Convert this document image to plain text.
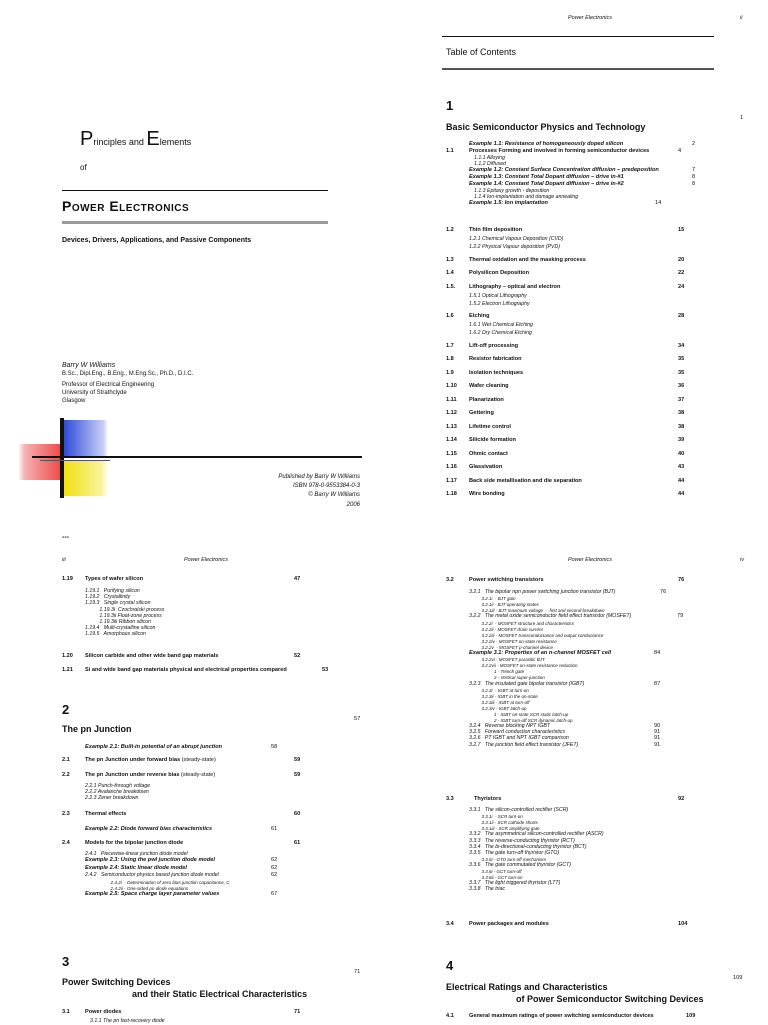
Principles and Elements
of
Power Electronics
Devices, Drivers, Applications, and Passive Components
Barry W Williams
B.Sc., Dipl.Eng., B.Eng., M.Eng.Sc., Ph.D., D.I.C.
Professor of Electrical Engineering
University of Strathclyde
Glasgow
Published by Barry W Williams
ISBN 978-0-9553384-0-3
© Barry W Williams
2006
---
Power Electronics	ii
Table of Contents
1
1
Basic Semiconductor Physics and Technology
Example 1.1: Resistance of homogeneously doped silicon	2
1.1	Processes Forming and involved in forming semiconductor devices	4
1.1.1 Alloying
1.1.2 Diffused
Example 1.2: Constant Surface Concentration diffusion – predeposition	7
Example 1.3: Constant Total Dopant diffusion – drive in-#1	8
Example 1.4: Constant Total Dopant diffusion – drive in-#2	8
1.1.3 Epitaxy growth - deposition
1.1.4 Ion-implantation and damage annealing
Example 1.5: Ion implantation	14
1.2	Thin film deposition	15
1.2.1 Chemical Vapour Deposition (CVD)
1.2.2 Physical Vapour deposition (PVD)
1.3	Thermal oxidation and the masking process	20
1.4	Polysilicon Deposition	22
1.5. Lithography – optical and electron	24
1.5.1 Optical Lithography
1.5.2 Electron Lithography
1.6	Etching	28
1.6.1 Wet Chemical Etching
1.6.2 Dry Chemical Etching
1.7	Lift-off processing	34
1.8	Resistor fabrication	35
1.9	Isolation techniques	35
1.10 Wafer cleaning	36
1.11 Planarization	37
1.12 Gettering	38
1.13 Lifetime control	38
1.14 Silicide formation	39
1.15 Ohmic contact	40
1.16 Glassivation	43
1.17 Back side metallisation and die separation	44
1.18 Wire bonding	44
iii	Power Electronics
1.19 Types of wafer silicon	47
1.19.1   Purifying silicon
1.19.2   Crystallinity
1.19.3   Single crystal silicon
1.19.3i  Czochralski process
1.19.3ii Float-zone process
1.19.3iii Ribbon silicon
1.19.4   Multi-crystalline silicon
1.19.5   Amorphous silicon
1.20 Silicon carbide and other wide band gap materials	52
1.21 Si and wide band gap materials physical and electrical properties compared	53
2
57
The pn Junction
Example 2.1: Built-in potential of an abrupt junction	58
2.1	The pn Junction under forward bias (steady-state)	59
2.2	The pn Junction under reverse bias (steady-state)	59
2.2.1 Punch-through voltage
2.2.2 Avalanche breakdown
2.2.3 Zener breakdown
2.3	Thermal effects	60
Example 2.2: Diode forward bias characteristics	61
2.4	Models for the bipolar junction diode	61
2.4.1   Piecewise-linear junction diode model
Example 2.3: Using the pwl junction diode model	62
Example 2.4: Static linear diode model	62
2.4.2   Semiconductor physics based junction diode model	62
2.4.2i  - Determination of zero bias junction capacitance, C
2.4.2ii - One-sided pn diode equations
Example 2.5: Space charge layer parameter values	67
3
71
Power Switching Devices
and their Static Electrical Characteristics
3.1	Power diodes	71
3.1.1 The pn fast-recovery diode
Power Electronics	iv
3.2	Power switching transistors	76
3.2.1   The bipolar npn power switching junction transistor (BJT)	76
3.2.1i  - BJT gain
3.2.1ii - BJT operating states
3.2.1iii - BJT maximum voltage  -  first and second breakdown
3.2.2   The metal oxide semiconductor field effect transistor (MOSFET)	79
3.2.2i  - MOSFET structure and characteristics
3.2.2ii - MOSFET drain current
3.2.2iii - MOSFET transconductance and output conductance
3.2.2iv - MOSFET on-state resistance
3.2.2v  - MOSFET p-channel device
Example 3.1: Properties of an n-channel MOSFET cell	84
3.2.2vi - MOSFET parasitic BJT
3.2.2vii - MOSFET on-state resistance reduction
1 - Trench gate
2 - Vertical super-junction
3.2.3   The insulated gate bipolar transistor (IGBT)	87
3.2.3i  - IGBT at turn-on
3.2.3ii - IGBT in the on-state
3.2.3iii - IGBT at turn-off
3.2.3iv - IGBT latch-up
1 - IGBT on-state SCR static latch-up
2 - IGBT turn-off SCR dynamic latch-up
3.2.4   Reverse blocking NPT IGBT	90
3.2.5   Forward conduction characteristics	91
3.2.6   PT IGBT and NPT IGBT comparison	91
3.2.7   The junction field effect transistor (JFET)	91
3.3	Thyristors	92
3.3.1   The silicon-controlled rectifier (SCR)
3.3.1i  - SCR turn-on
3.3.1ii - SCR cathode shorts
3.3.1iii - SCR amplifying gate
3.3.2   The asymmetrical silicon-controlled rectifier (ASCR)
3.3.3   The reverse-conducting thyristor (RCT)
3.3.4   The bi-directional-conducting thyristor (BCT)
3.3.5   The gate turn-off thyristor (GTO)
3.3.5i - GTO turn-off mechanism
3.3.6   The gate commutated thyristor (GCT)
3.3.6i - GCT turn-off
3.3.6ii - GCT turn-on
3.3.7   The light triggered thyristor (LTT)
3.3.8   The triac
3.4	Power packages and modules	104
4
109
Electrical Ratings and Characteristics
of Power Semiconductor Switching Devices
4.1	General maximum ratings of power switching semiconductor devices	109
